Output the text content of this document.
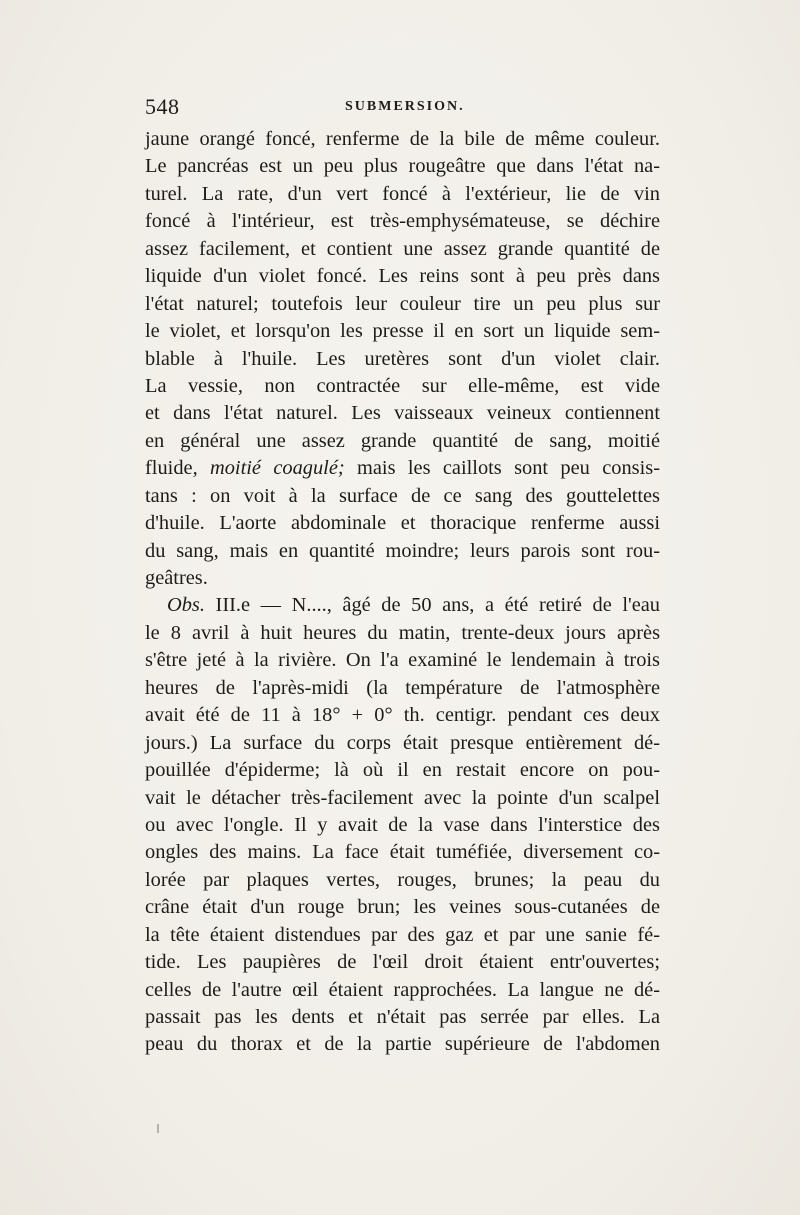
548	SUBMERSION.
jaune orangé foncé, renferme de la bile de même couleur.
Le pancréas est un peu plus rougeâtre que dans l'état na-
turel. La rate, d'un vert foncé à l'extérieur, lie de vin
foncé à l'intérieur, est très-emphysémateuse, se déchire
assez facilement, et contient une assez grande quantité de
liquide d'un violet foncé. Les reins sont à peu près dans
l'état naturel; toutefois leur couleur tire un peu plus sur
le violet, et lorsqu'on les presse il en sort un liquide sem-
blable à l'huile. Les uretères sont d'un violet clair.
La vessie, non contractée sur elle-même, est vide
et dans l'état naturel. Les vaisseaux veineux contiennent
en général une assez grande quantité de sang, moitié
fluide, moitié coagulé; mais les caillots sont peu consis-
tans : on voit à la surface de ce sang des gouttelettes
d'huile. L'aorte abdominale et thoracique renferme aussi
du sang, mais en quantité moindre; leurs parois sont rou-
geâtres.
Obs. III.e — N...., âgé de 50 ans, a été retiré de l'eau
le 8 avril à huit heures du matin, trente-deux jours après
s'être jeté à la rivière. On l'a examiné le lendemain à trois
heures de l'après-midi (la température de l'atmosphère
avait été de 11 à 18° + 0° th. centigr. pendant ces deux
jours.) La surface du corps était presque entièrement dé-
pouillée d'épiderme; là où il en restait encore on pou-
vait le détacher très-facilement avec la pointe d'un scalpel
ou avec l'ongle. Il y avait de la vase dans l'interstice des
ongles des mains. La face était tuméfiée, diversement co-
lorée par plaques vertes, rouges, brunes; la peau du
crâne était d'un rouge brun; les veines sous-cutanées de
la tête étaient distendues par des gaz et par une sanie fé-
tide. Les paupières de l'œil droit étaient entr'ouvertes;
celles de l'autre œil étaient rapprochées. La langue ne dé-
passait pas les dents et n'était pas serrée par elles. La
peau du thorax et de la partie supérieure de l'abdomen
